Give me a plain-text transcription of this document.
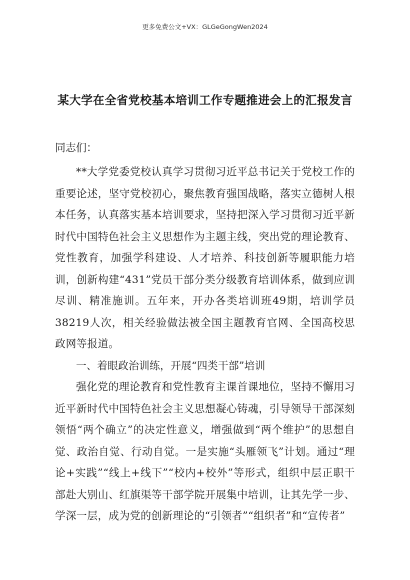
更多免费公文+VX：GLGeGongWen2024
某大学在全省党校基本培训工作专题推进会上的汇报发言
同志们：

**大学党委党校认真学习贯彻习近平总书记关于党校工作的重要论述，坚守党校初心，聚焦教育强国战略，落实立德树人根本任务，认真落实基本培训要求，坚持把深入学习贯彻习近平新时代中国特色社会主义思想作为主题主线，突出党的理论教育、党性教育，加强学科建设、人才培养、科技创新等履职能力培训，创新构建“431”党员干部分类分级教育培训体系，做到应训尽训、精准施训。五年来，开办各类培训班49期，培训学员38219人次，相关经验做法被全国主题教育官网、全国高校思政网等报道。

一、着眼政治训练，开展“四类干部”培训

强化党的理论教育和党性教育主课首课地位，坚持不懈用习近平新时代中国特色社会主义思想凝心铸魂，引导领导干部深刻领悟“两个确立”的决定性意义，增强做到“两个维护”的思想自觉、政治自觉、行动自觉。一是实施“头雁领飞”计划。通过“理论+实践”“线上+线下”“校内+校外”等形式，组织中层正职干部赴大别山、红旗渠等干部学院开展集中培训，让其先学一步、学深一层，成为党的创新理论的“引领者”“组织者”和“宣传者”
